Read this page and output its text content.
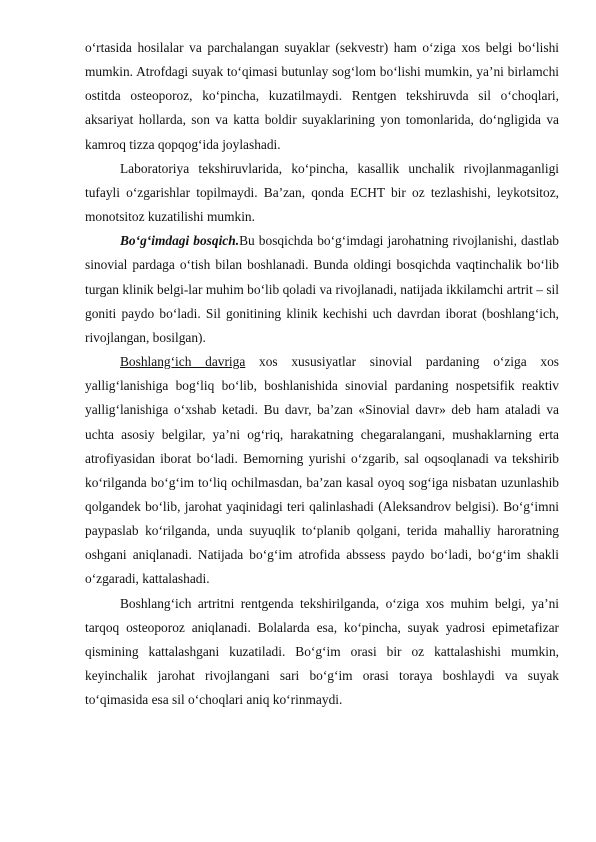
o‘rtasida hosilalar va parchalangan suyaklar (sekvestr) ham o‘ziga xos belgi bo‘lishi mumkin. Atrofdagi suyak to‘qimasi butunlay sog‘lom bo‘lishi mumkin, ya’ni birlamchi ostitda osteoporoz, ko‘pincha, kuzatilmaydi. Rentgen tekshiruvda sil o‘choqlari, aksariyat hollarda, son va katta boldir suyaklarining yon tomonlarida, do‘ngligida va kamroq tizza qopqog‘ida joylashadi.

Laboratoriya tekshiruvlarida, ko‘pincha, kasallik unchalik rivojlanmaganligi tufayli o‘zgarishlar topilmaydi. Ba’zan, qonda ECHT bir oz tezlashishi, leykotsitoz, monotsitoz kuzatilishi mumkin.

Bo‘g‘imdagi bosqich.Bu bosqichda bo‘g‘imdagi jarohatning rivojlanishi, dastlab sinovial pardaga o‘tish bilan boshlanadi. Bunda oldingi bosqichda vaqtinchalik bo‘lib turgan klinik belgi-lar muhim bo‘lib qoladi va rivojlanadi, natijada ikkilamchi artrit – sil goniti paydo bo‘ladi. Sil gonitining klinik kechishi uch davrdan iborat (boshlang‘ich, rivojlangan, bosilgan).

Boshlang‘ich davriga xos xususiyatlar sinovial pardaning o‘ziga xos yallig‘lanishiga bog‘liq bo‘lib, boshlanishida sinovial pardaning nospetsifik reaktiv yallig‘lanishiga o‘xshab ketadi. Bu davr, ba’zan «Sinovial davr» deb ham ataladi va uchta asosiy belgilar, ya’ni og‘riq, harakatning chegaralangani, mushaklarning erta atrofiyasidan iborat bo‘ladi. Bemorning yurishi o‘zgarib, sal oqsoqlanadi va tekshirib ko‘rilganda bo‘g‘im to‘liq ochilmasdan, ba’zan kasal oyoq sog‘iga nisbatan uzunlashib qolgandek bo‘lib, jarohat yaqinidagi teri qalinlashadi (Aleksandrov belgisi). Bo‘g‘imni paypaslab ko‘rilganda, unda suyuqlik to‘planib qolgani, terida mahalliy haroratning oshgani aniqlanadi. Natijada bo‘g‘im atrofida abssess paydo bo‘ladi, bo‘g‘im shakli o‘zgaradi, kattalashadi.

Boshlang‘ich artritni rentgenda tekshirilganda, o‘ziga xos muhim belgi, ya’ni tarqoq osteoporoz aniqlanadi. Bolalarda esa, ko‘pincha, suyak yadrosi epimetafizar qismining kattalashgani kuzatiladi. Bo‘g‘im orasi bir oz kattalashishi mumkin, keyinchalik jarohat rivojlangani sari bo‘g‘im orasi toraya boshlaydi va suyak to‘qimasida esa sil o‘choqlari aniq ko‘rinmaydi.
